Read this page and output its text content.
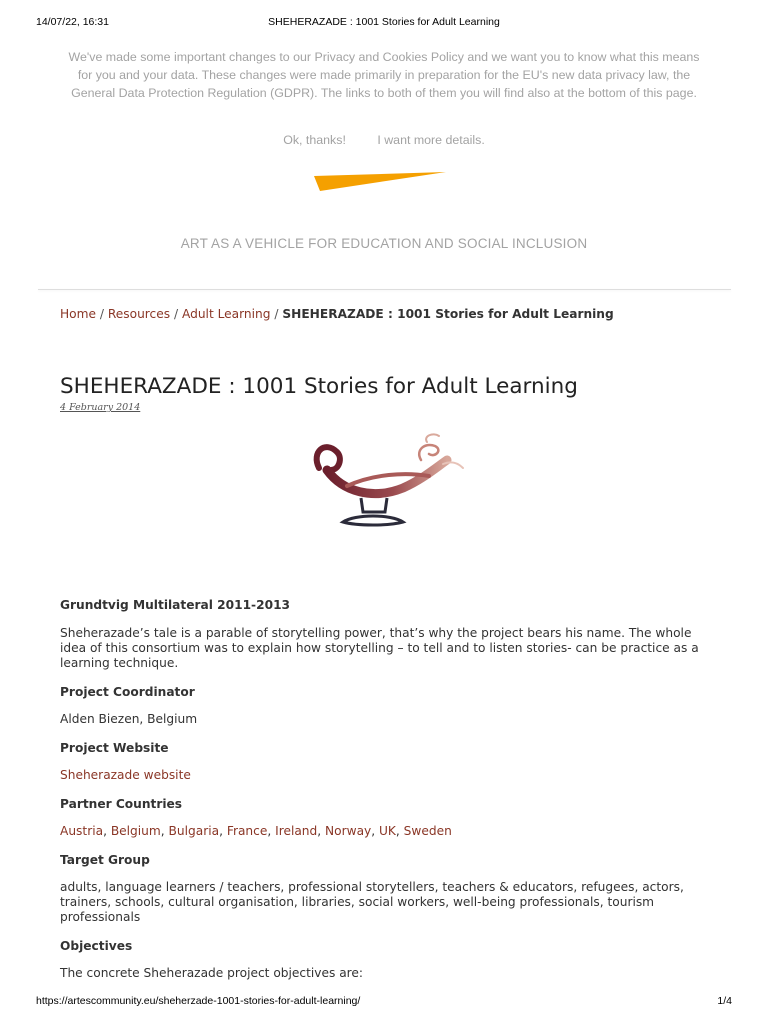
14/07/22, 16:31	SHEHERAZADE : 1001 Stories for Adult Learning
We've made some important changes to our Privacy and Cookies Policy and we want you to know what this means for you and your data. These changes were made primarily in preparation for the EU's new data privacy law, the General Data Protection Regulation (GDPR). The links to both of them you will find also at the bottom of this page.
Ok, thanks!	I want more details.
ART AS A VEHICLE FOR EDUCATION AND SOCIAL INCLUSION
Home / Resources / Adult Learning / SHEHERAZADE : 1001 Stories for Adult Learning
SHEHERAZADE : 1001 Stories for Adult Learning
4 February 2014
Grundtvig Multilateral 2011-2013

Sheherazade’s tale is a parable of storytelling power, that’s why the project bears his name. The whole idea of this consortium was to explain how storytelling – to tell and to listen stories- can be practice as a learning technique.

Project Coordinator

Alden Biezen, Belgium

Project Website

Sheherazade website

Partner Countries

Austria, Belgium, Bulgaria, France, Ireland, Norway, UK, Sweden

Target Group

adults, language learners / teachers, professional storytellers, teachers & educators, refugees, actors, trainers, schools, cultural organisation, libraries, social workers, well-being professionals, tourism professionals

Objectives

The concrete Sheherazade project objectives are:

https://artescommunity.eu/sheherzade-1001-stories-for-adult-learning/	1/4
